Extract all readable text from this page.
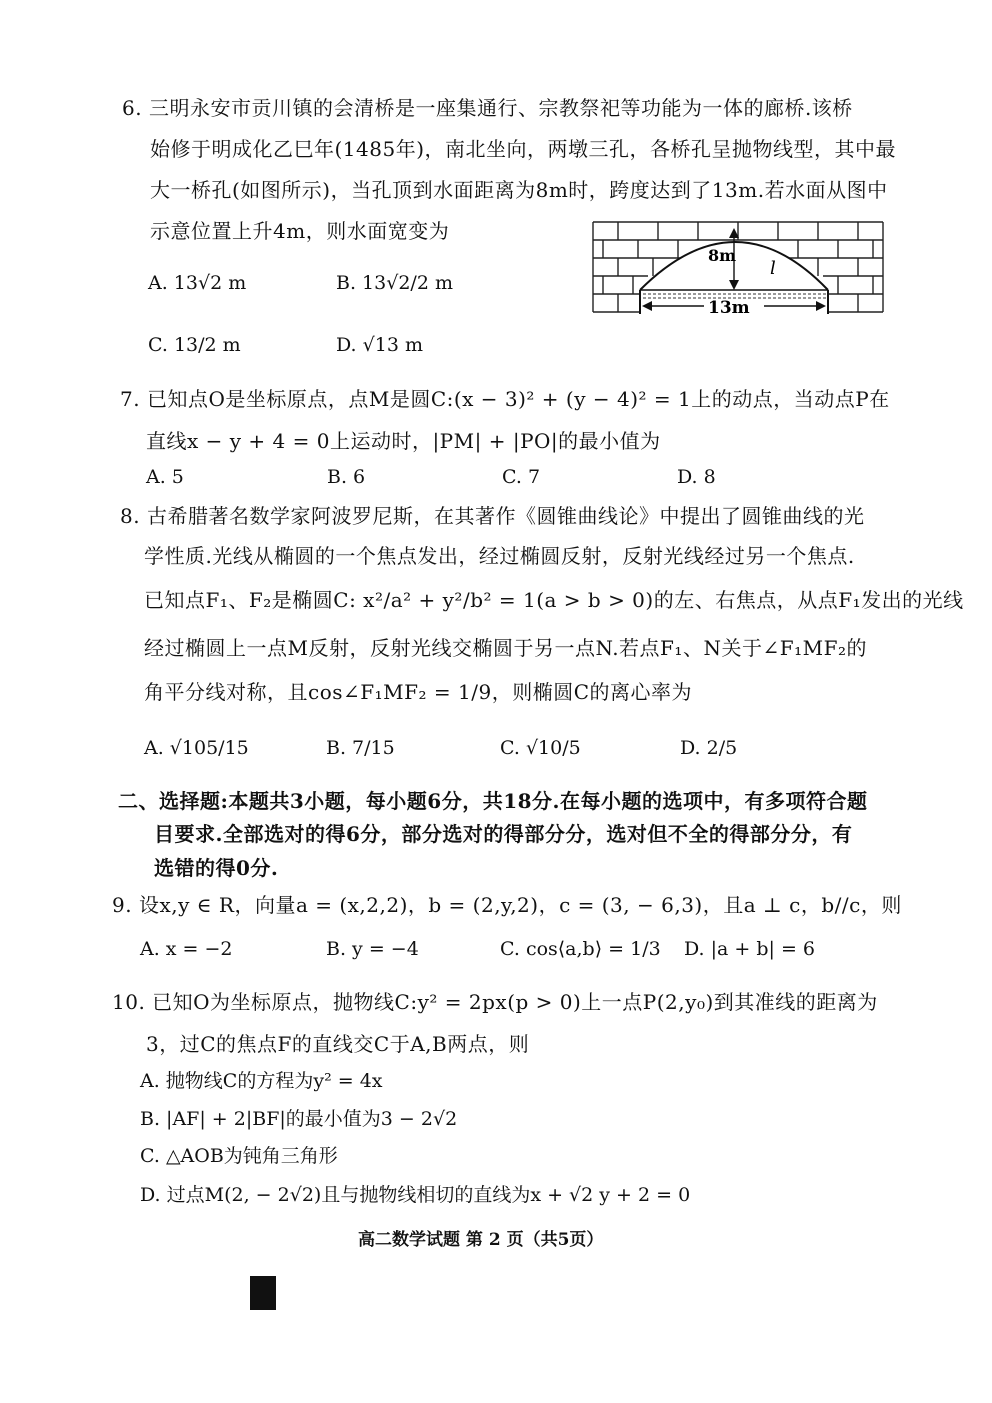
6. 三明永安市贡川镇的会清桥是一座集通行、宗教祭祀等功能为一体的廊桥.该桥
始修于明成化乙巳年(1485年)，南北坐向，两墩三孔，各桥孔呈抛物线型，其中最
大一桥孔(如图所示)，当孔顶到水面距离为8m时，跨度达到了13m.若水面从图中
示意位置上升4m，则水面宽变为
A. 13√2 m	B. 13√2/2 m
C. 13/2 m	D. √13 m
8m
13m
l
7. 已知点O是坐标原点，点M是圆C:(x − 3)² + (y − 4)² = 1上的动点，当动点P在
直线x − y + 4 = 0上运动时，|PM| + |PO|的最小值为
A. 5	B. 6	C. 7	D. 8
8. 古希腊著名数学家阿波罗尼斯，在其著作《圆锥曲线论》中提出了圆锥曲线的光
学性质.光线从椭圆的一个焦点发出，经过椭圆反射，反射光线经过另一个焦点.
已知点F₁、F₂是椭圆C: x²/a² + y²/b² = 1(a > b > 0)的左、右焦点，从点F₁发出的光线
经过椭圆上一点M反射，反射光线交椭圆于另一点N.若点F₁、N关于∠F₁MF₂的
角平分线对称，且cos∠F₁MF₂ = 1/9，则椭圆C的离心率为
A. √105/15	B. 7/15	C. √10/5	D. 2/5
二、选择题:本题共3小题，每小题6分，共18分.在每小题的选项中，有多项符合题
目要求.全部选对的得6分，部分选对的得部分分，选对但不全的得部分分，有
选错的得0分.
9. 设x,y ∈ R，向量a = (x,2,2)，b = (2,y,2)，c = (3, − 6,3)，且a ⊥ c，b//c，则
A. x = −2	B. y = −4	C. cos⟨a,b⟩ = 1/3 D. |a + b| = 6
10. 已知O为坐标原点，抛物线C:y² = 2px(p > 0)上一点P(2,y₀)到其准线的距离为
3，过C的焦点F的直线交C于A,B两点，则
A. 抛物线C的方程为y² = 4x
B. |AF| + 2|BF|的最小值为3 − 2√2
C. △AOB为钝角三角形
D. 过点M(2, − 2√2)且与抛物线相切的直线为x + √2 y + 2 = 0
高二数学试题 第 2 页（共5页）
